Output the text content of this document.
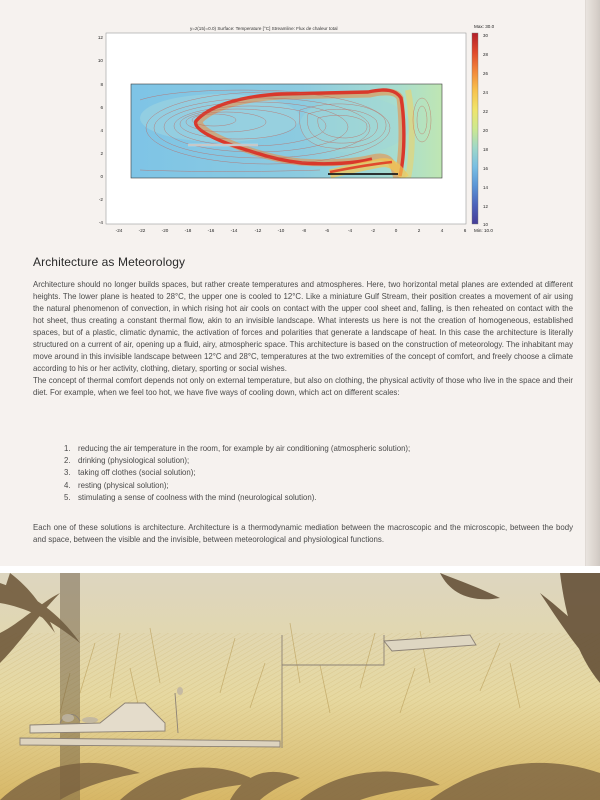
12
10
8
6
4
2
0
-2
-4
-24	-22	-20	-18	-16	-14	-12	-10	-8	-6	-4	-2	0	2	4	6
30
28
26
24
22
20
18
16
14
12
10
y=z(15)=0.0) Surface: Temperature [°C] Streamline: Flux de chaleur total	Max: 30.0
Min: 10.0
Architecture as Meteorology

Architecture should no longer builds spaces, but rather create temperatures and atmospheres. Here, two horizontal metal planes are extended at different heights. The lower plane is heated to 28°C, the upper one is cooled to 12°C. Like a miniature Gulf Stream, their position creates a movement of air using the natural phenomenon of convection, in which rising hot air cools on contact with the upper cool sheet and, falling, is then reheated on contact with the hot sheet, thus creating a constant thermal flow, akin to an invisible landscape. What interests us here is not the creation of homogeneous, established spaces, but of a plastic, climatic dynamic, the activation of forces and polarities that generate a landscape of heat. In this case the architecture is literally structured on a current of air, opening up a fluid, airy, atmospheric space. This architecture is based on the construction of meteorology. The inhabitant may move around in this invisible landscape between 12°C and 28°C, temperatures at the two extremities of the concept of comfort, and freely choose a climate according to his or her activity, clothing, dietary, sporting or social wishes.

The concept of thermal comfort depends not only on external temperature, but also on clothing, the physical activity of those who live in the space and their diet. For example, when we feel too hot, we have five ways of cooling down, which act on different scales:

1. reducing the air temperature in the room, for example by air conditioning (atmospheric solution);
2. drinking (physiological solution);
3. taking off clothes (social solution);
4. resting (physical solution);
5. stimulating a sense of coolness with the mind (neurological solution).
Each one of these solutions is architecture. Architecture is a thermodynamic mediation between the macroscopic and the microscopic, between the body and space, between the visible and the invisible, between meteorological and physiological functions.
